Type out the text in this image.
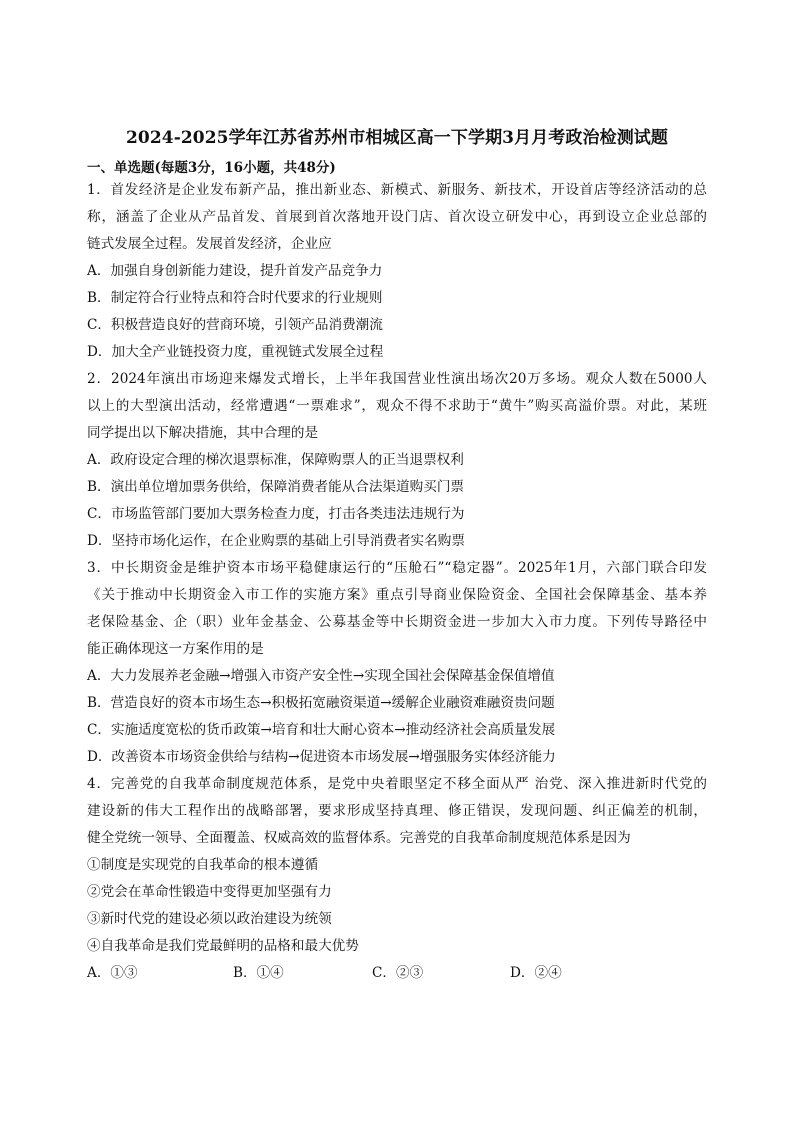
2024-2025学年江苏省苏州市相城区高一下学期3月月考政治检测试题
一、单选题(每题3分，16小题，共48分)
1．首发经济是企业发布新产品，推出新业态、新模式、新服务、新技术，开设首店等经济活动的总
称，涵盖了企业从产品首发、首展到首次落地开设门店、首次设立研发中心，再到设立企业总部的
链式发展全过程。发展首发经济，企业应
A．加强自身创新能力建设，提升首发产品竞争力
B．制定符合行业特点和符合时代要求的行业规则
C．积极营造良好的营商环境，引领产品消费潮流
D．加大全产业链投资力度，重视链式发展全过程
2．2024年演出市场迎来爆发式增长，上半年我国营业性演出场次20万多场。观众人数在5000人
以上的大型演出活动，经常遭遇“一票难求”，观众不得不求助于“黄牛”购买高溢价票。对此，某班
同学提出以下解决措施，其中合理的是
A．政府设定合理的梯次退票标准，保障购票人的正当退票权利
B．演出单位增加票务供给，保障消费者能从合法渠道购买门票
C．市场监管部门要加大票务检查力度，打击各类违法违规行为
D．坚持市场化运作，在企业购票的基础上引导消费者实名购票
3．中长期资金是维护资本市场平稳健康运行的“压舱石”“稳定器”。2025年1月，六部门联合印发
《关于推动中长期资金入市工作的实施方案》重点引导商业保险资金、全国社会保障基金、基本养
老保险基金、企（职）业年金基金、公募基金等中长期资金进一步加大入市力度。下列传导路径中
能正确体现这一方案作用的是
A．大力发展养老金融→增强入市资产安全性→实现全国社会保障基金保值增值
B．营造良好的资本市场生态→积极拓宽融资渠道→缓解企业融资难融资贵问题
C．实施适度宽松的货币政策→培育和壮大耐心资本→推动经济社会高质量发展
D．改善资本市场资金供给与结构→促进资本市场发展→增强服务实体经济能力
4．完善党的自我革命制度规范体系，是党中央着眼坚定不移全面从严 治党、深入推进新时代党的
建设新的伟大工程作出的战略部署，要求形成坚持真理、修正错误，发现问题、纠正偏差的机制，
健全党统一领导、全面覆盖、权威高效的监督体系。完善党的自我革命制度规范体系是因为
①制度是实现党的自我革命的根本遵循
②党会在革命性锻造中变得更加坚强有力
③新时代党的建设必须以政治建设为统领
④自我革命是我们党最鲜明的品格和最大优势
A．①③	B．①④	C．②③	D．②④
